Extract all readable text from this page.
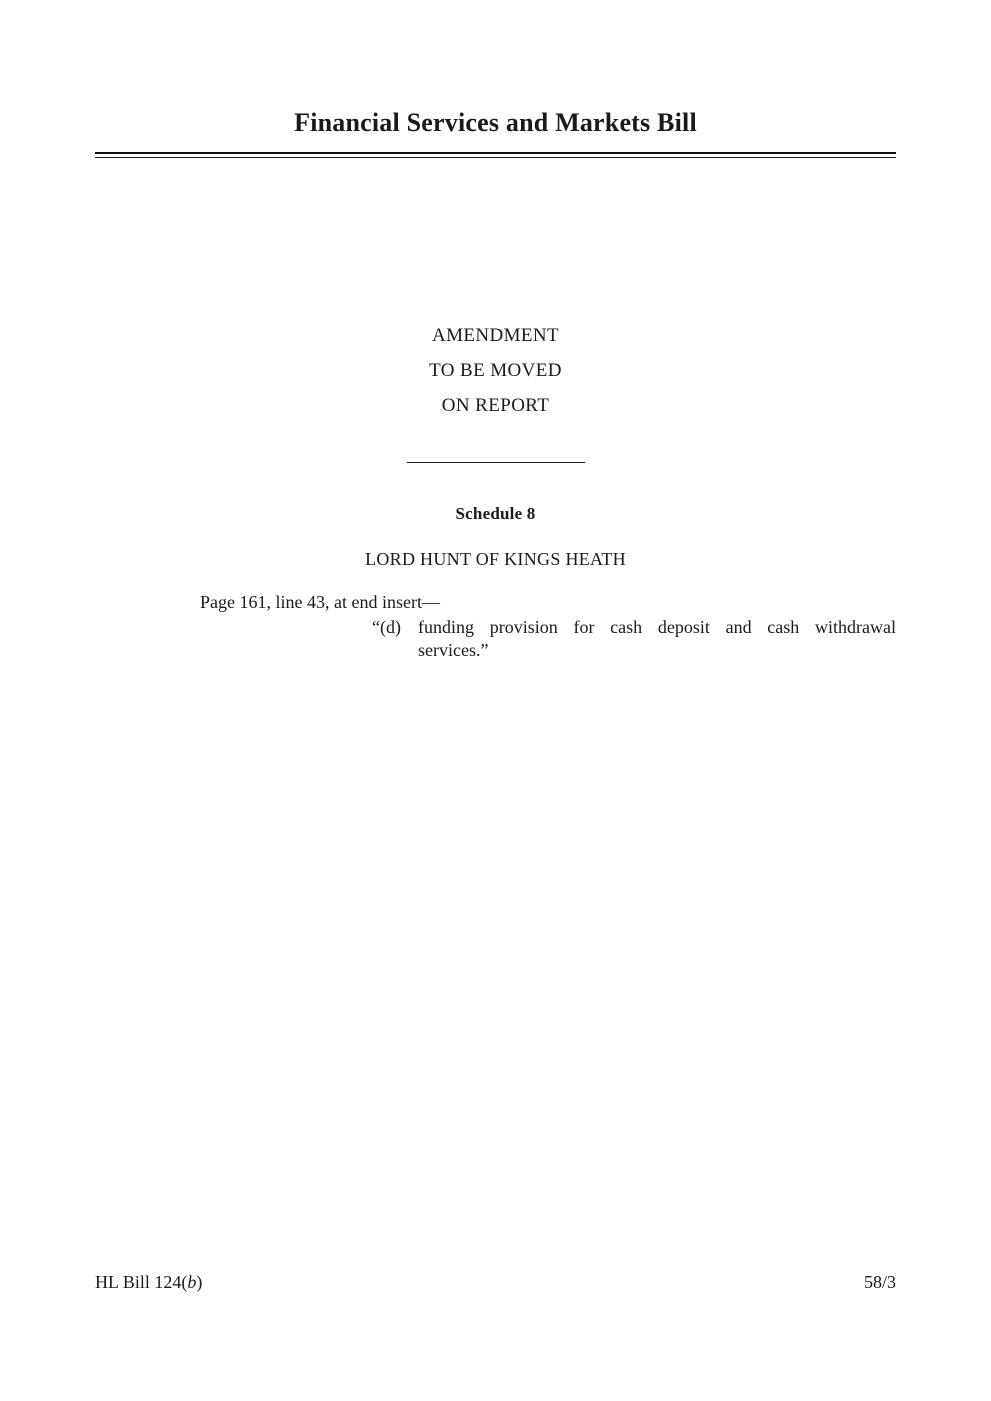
Financial Services and Markets Bill
AMENDMENT
TO BE MOVED
ON REPORT
Schedule 8
LORD HUNT OF KINGS HEATH
Page 161, line 43, at end insert—
“(d) funding provision for cash deposit and cash withdrawal
services.”
HL Bill 124(b)	58/3
